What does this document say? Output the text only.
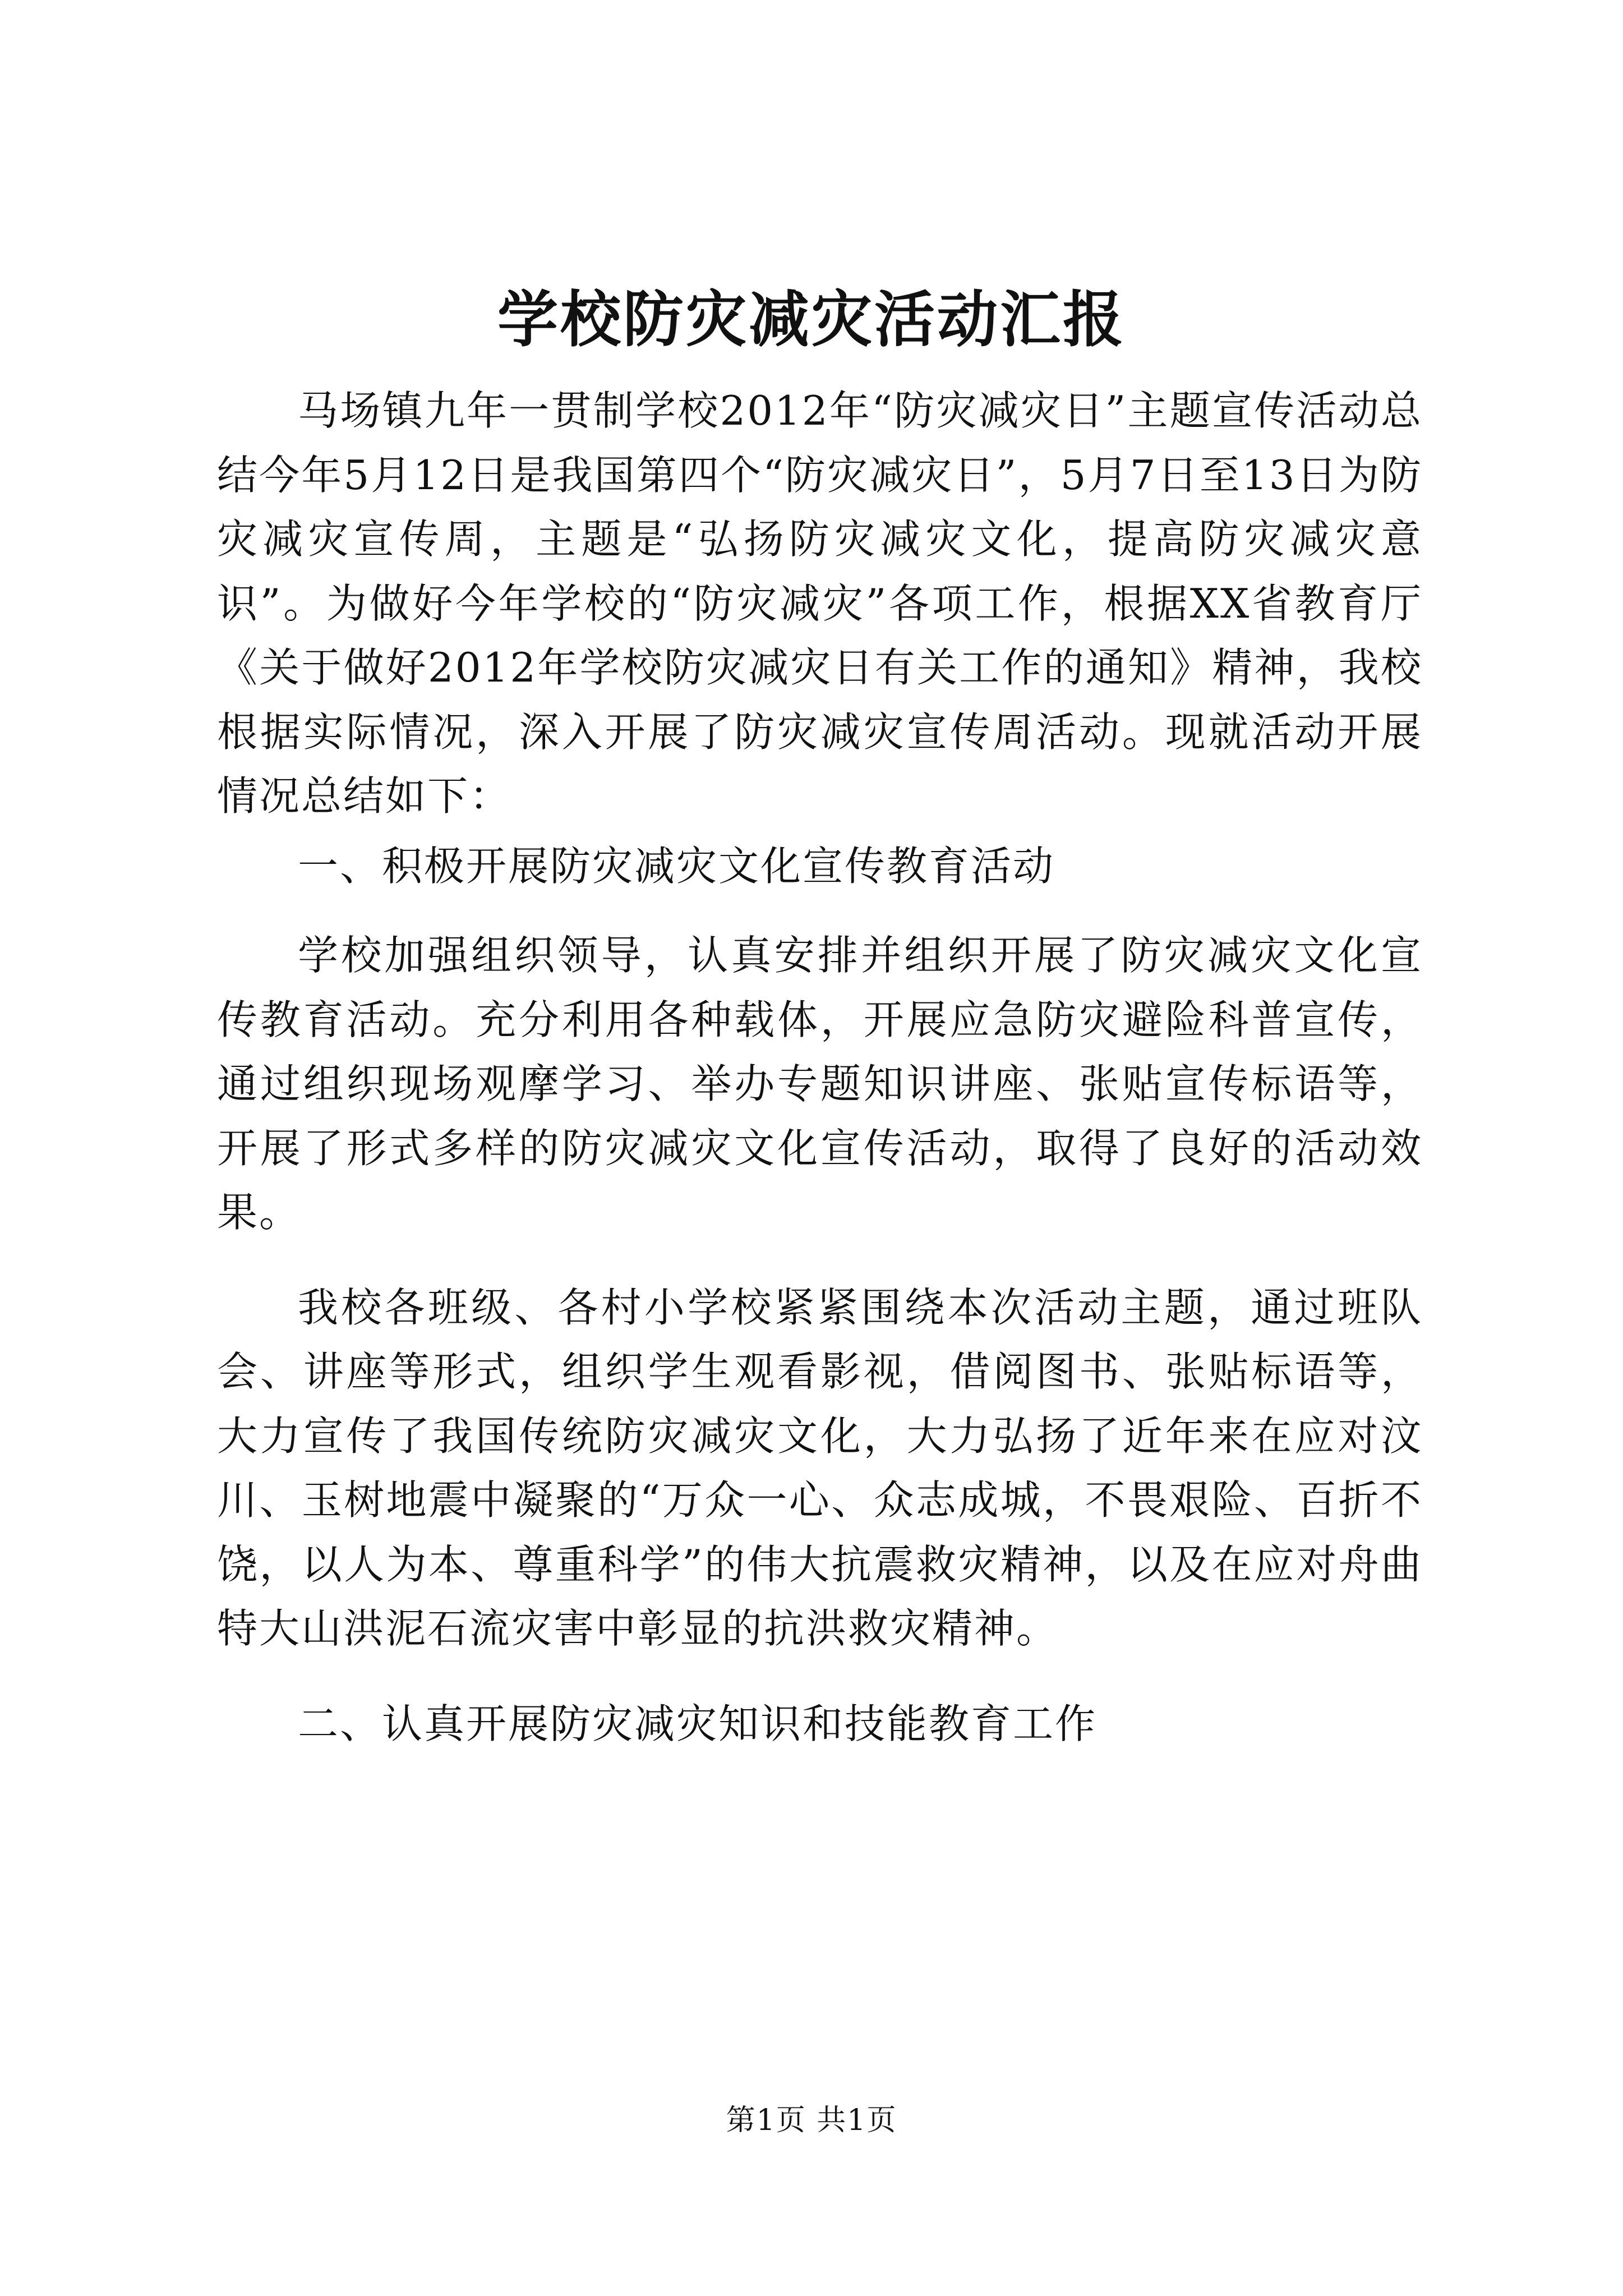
学校防灾减灾活动汇报

马场镇九年一贯制学校2012年“防灾减灾日”主题宣传活动总结今年5月12日是我国第四个“防灾减灾日”，5月7日至13日为防灾减灾宣传周，主题是“弘扬防灾减灾文化，提高防灾减灾意识”。为做好今年学校的“防灾减灾”各项工作，根据XX省教育厅《关于做好2012年学校防灾减灾日有关工作的通知》精神，我校根据实际情况，深入开展了防灾减灾宣传周活动。现就活动开展情况总结如下：

一、积极开展防灾减灾文化宣传教育活动

学校加强组织领导，认真安排并组织开展了防灾减灾文化宣传教育活动。充分利用各种载体，开展应急防灾避险科普宣传，通过组织现场观摩学习、举办专题知识讲座、张贴宣传标语等，开展了形式多样的防灾减灾文化宣传活动，取得了良好的活动效果。

我校各班级、各村小学校紧紧围绕本次活动主题，通过班队会、讲座等形式，组织学生观看影视，借阅图书、张贴标语等，大力宣传了我国传统防灾减灾文化，大力弘扬了近年来在应对汶川、玉树地震中凝聚的“万众一心、众志成城，不畏艰险、百折不饶，以人为本、尊重科学”的伟大抗震救灾精神，以及在应对舟曲特大山洪泥石流灾害中彰显的抗洪救灾精神。

二、认真开展防灾减灾知识和技能教育工作

第1页 共1页
